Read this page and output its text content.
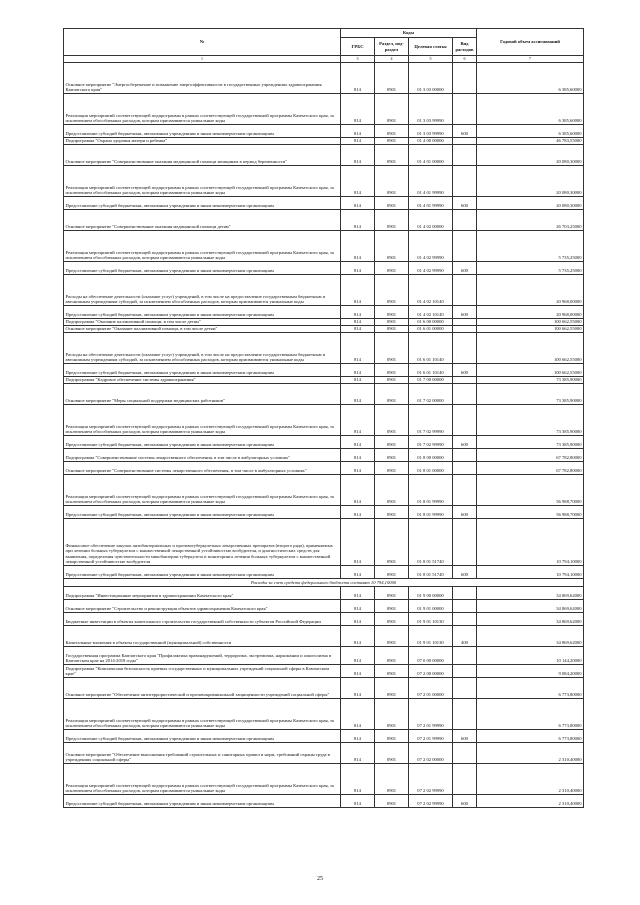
№	Коды				Годовой объем ассигнований
	ГРБС	Раздел, под-раздел	Целевая статья	Вид расходов	
1	3	4	5	6	7
Основное мероприятие "Энергосбережение и повышение энергоэффективности в государственных учреждениях здравоохранения Камчатского края"	814	0901	01 3 03 00000		6 385,60000
Реализация мероприятий соответствующей подпрограммы в рамках соответствующей государственной программы Камчатского края, за исключением обособленных расходов, которым присваиваются уникальные коды	814	0901	01 3 03 99990		6 385,60000
Предоставление субсидий бюджетным, автономным учреждениям и иным некоммерческим организациям	814	0901	01 3 03 99990	600	6 385,60000
Подпрограмма "Охрана здоровья матери и ребенка"	814	0901	01 4 00 00000		46 783,55000
Основное мероприятие "Совершенствование оказания медицинской помощи женщинам в период беременности"	814	0901	01 4 01 00000		20 080,30000
Реализация мероприятий соответствующей подпрограммы в рамках соответствующей государственной программы Камчатского края, за исключением обособленных расходов, которым присваиваются уникальные коды	814	0901	01 4 01 99990		20 080,30000
Предоставление субсидий бюджетным, автономным учреждениям и иным некоммерческим организациям	814	0901	01 4 01 99990	600	20 080,30000
Основное мероприятие "Совершенствование оказания медицинской помощи детям"	814	0901	01 4 02 00000		26 703,25000
Реализация мероприятий соответствующей подпрограммы в рамках соответствующей государственной программы Камчатского края, за исключением обособленных расходов, которым присваиваются уникальные коды	814	0901	01 4 02 99990		5 735,25000
Предоставление субсидий бюджетным, автономным учреждениям и иным некоммерческим организациям	814	0901	01 4 02 99990	600	5 735,25000
Расходы на обеспечение деятельности (оказание услуг) учреждений, в том числе на предоставление государственным бюджетным и автономным учреждениям субсидий, за исключением обособленных расходов, которым присваиваются уникальные коды	814	0901	01 4 02 10140		20 968,00000
Предоставление субсидий бюджетным, автономным учреждениям и иным некоммерческим организациям	814	0901	01 4 02 10140	600	20 968,00000
Подпрограмма "Оказание паллиативной помощи, в том числе детям"	814	0901	01 6 00 00000		100 662,55000
Основное мероприятие "Оказание паллиативной помощи, в том числе детям"	814	0901	01 6 01 00000		100 662,55000
Расходы на обеспечение деятельности (оказание услуг) учреждений, в том числе на предоставление государственным бюджетным и автономным учреждениям субсидий, за исключением обособленных расходов, которым присваиваются уникальные коды	814	0901	01 6 01 10140		100 662,55000
Предоставление субсидий бюджетным, автономным учреждениям и иным некоммерческим организациям	814	0901	01 6 01 10140	600	100 662,55000
Подпрограмма "Кадровое обеспечение системы здравоохранения"	814	0901	01 7 00 00000		73 385,90000
Основное мероприятие "Меры социальной поддержки медицинских работников"	814	0901	01 7 02 00000		73 385,90000
Реализация мероприятий соответствующей подпрограммы в рамках соответствующей государственной программы Камчатского края, за исключением обособленных расходов, которым присваиваются уникальные коды	814	0901	01 7 02 99990		73 385,90000
Предоставление субсидий бюджетным, автономным учреждениям и иным некоммерческим организациям	814	0901	01 7 02 99990	600	73 385,90000
Подпрограмма "Совершенствование системы лекарственного обеспечения, в том числе в амбулаторных условиях"	814	0901	01 8 00 00000		67 782,80000
Основное мероприятие "Совершенствование системы лекарственного обеспечения, в том числе в амбулаторных условиях"	814	0901	01 8 01 00000		67 782,80000
Реализация мероприятий соответствующей подпрограммы в рамках соответствующей государственной программы Камчатского края, за исключением обособленных расходов, которым присваиваются уникальные коды	814	0901	01 8 01 99990		56 988,70000
Предоставление субсидий бюджетным, автономным учреждениям и иным некоммерческим организациям	814	0901	01 8 01 99990	600	56 988,70000
Финансовое обеспечение закупок антибактериальных и противотуберкулезных лекарственных препаратов (второго ряда), применяемых при лечении больных туберкулезом с множественной лекарственной устойчивостью возбудителя, и диагностических средств для выявления, определения чувствительности микобактерии туберкулеза и мониторинга лечения больных туберкулезом с множественной лекарственной устойчивостью возбудителя	814	0901	01 8 01 51740		10 794,10000
Предоставление субсидий бюджетным, автономным учреждениям и иным некоммерческим организациям	814	0901	01 8 01 51740	600	10 794,10000
Расходы за счет средств федерального бюджета составят 10 794,10000					
Подпрограмма "Инвестиционные мероприятия в здравоохранении Камчатского края"	814	0901	01 9 00 00000		34 869,62000
Основное мероприятие "Строительство и реконструкция объектов здравоохранения Камчатского края"	814	0901	01 9 01 00000		34 869,62000
Бюджетные инвестиции в объекты капитального строительства государственной собственности субъектов Российской Федерации	814	0901	01 9 01 10130		34 869,62000
Капитальные вложения в объекты государственной (муниципальной) собственности	814	0901	01 9 01 10130	400	34 869,62000
Государственная программа Камчатского края "Профилактика правонарушений, терроризма, экстремизма, наркомании и алкоголизма в Камчатском крае на 2014-2018 годы"	814	0901	07 0 00 00000		10 144,20000
Подпрограмма "Комплексная безопасность краевых государственных и муниципальных учреждений социальной сферы в Камчатском крае"	814	0901	07 2 00 00000		9 084,20000
Основное мероприятие "Обеспечение антитеррористической и противокриминальной защищенности учреждений социальной сферы"	814	0901	07 2 01 00000		6 773,80000
Реализация мероприятий соответствующей подпрограммы в рамках соответствующей государственной программы Камчатского края, за исключением обособленных расходов, которым присваиваются уникальные коды	814	0901	07 2 01 99990		6 773,80000
Предоставление субсидий бюджетным, автономным учреждениям и иным некоммерческим организациям	814	0901	07 2 01 99990	600	6 773,80000
Основное мероприятие "Обеспечение выполнения требований строительных и санитарных правил и норм, требований охраны труда в учреждениях социальной сферы"	814	0901	07 2 02 00000		2 310,40000
Реализация мероприятий соответствующей подпрограммы в рамках соответствующей государственной программы Камчатского края, за исключением обособленных расходов, которым присваиваются уникальные коды	814	0901	07 2 02 99990		2 310,40000
Предоставление субсидий бюджетным, автономным учреждениям и иным некоммерческим организациям	814	0901	07 2 02 99990	600	2 310,40000
25
